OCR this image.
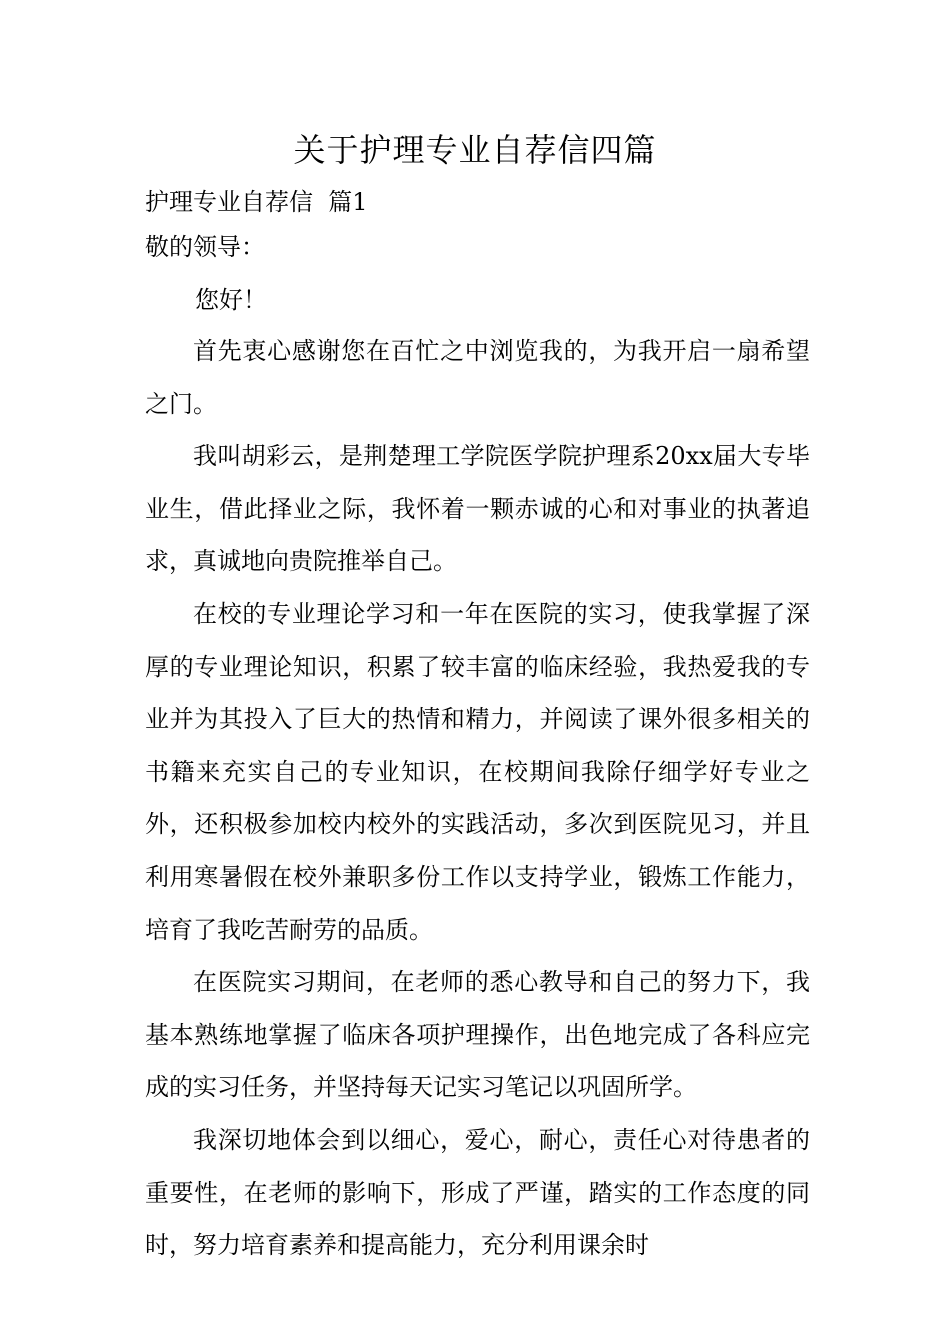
关于护理专业自荐信四篇

护理专业自荐信  篇1

敬的领导：

您好！

首先衷心感谢您在百忙之中浏览我的，为我开启一扇希望之门。

我叫胡彩云，是荆楚理工学院医学院护理系20xx届大专毕业生，借此择业之际，我怀着一颗赤诚的心和对事业的执著追求，真诚地向贵院推举自己。

在校的专业理论学习和一年在医院的实习，使我掌握了深厚的专业理论知识，积累了较丰富的临床经验，我热爱我的专业并为其投入了巨大的热情和精力，并阅读了课外很多相关的书籍来充实自己的专业知识，在校期间我除仔细学好专业之外，还积极参加校内校外的实践活动，多次到医院见习，并且利用寒暑假在校外兼职多份工作以支持学业，锻炼工作能力，培育了我吃苦耐劳的品质。

在医院实习期间，在老师的悉心教导和自己的努力下，我基本熟练地掌握了临床各项护理操作，出色地完成了各科应完成的实习任务，并坚持每天记实习笔记以巩固所学。

我深切地体会到以细心，爱心，耐心，责任心对待患者的重要性，在老师的影响下，形成了严谨，踏实的工作态度的同时，努力培育素养和提高能力，充分利用课余时
